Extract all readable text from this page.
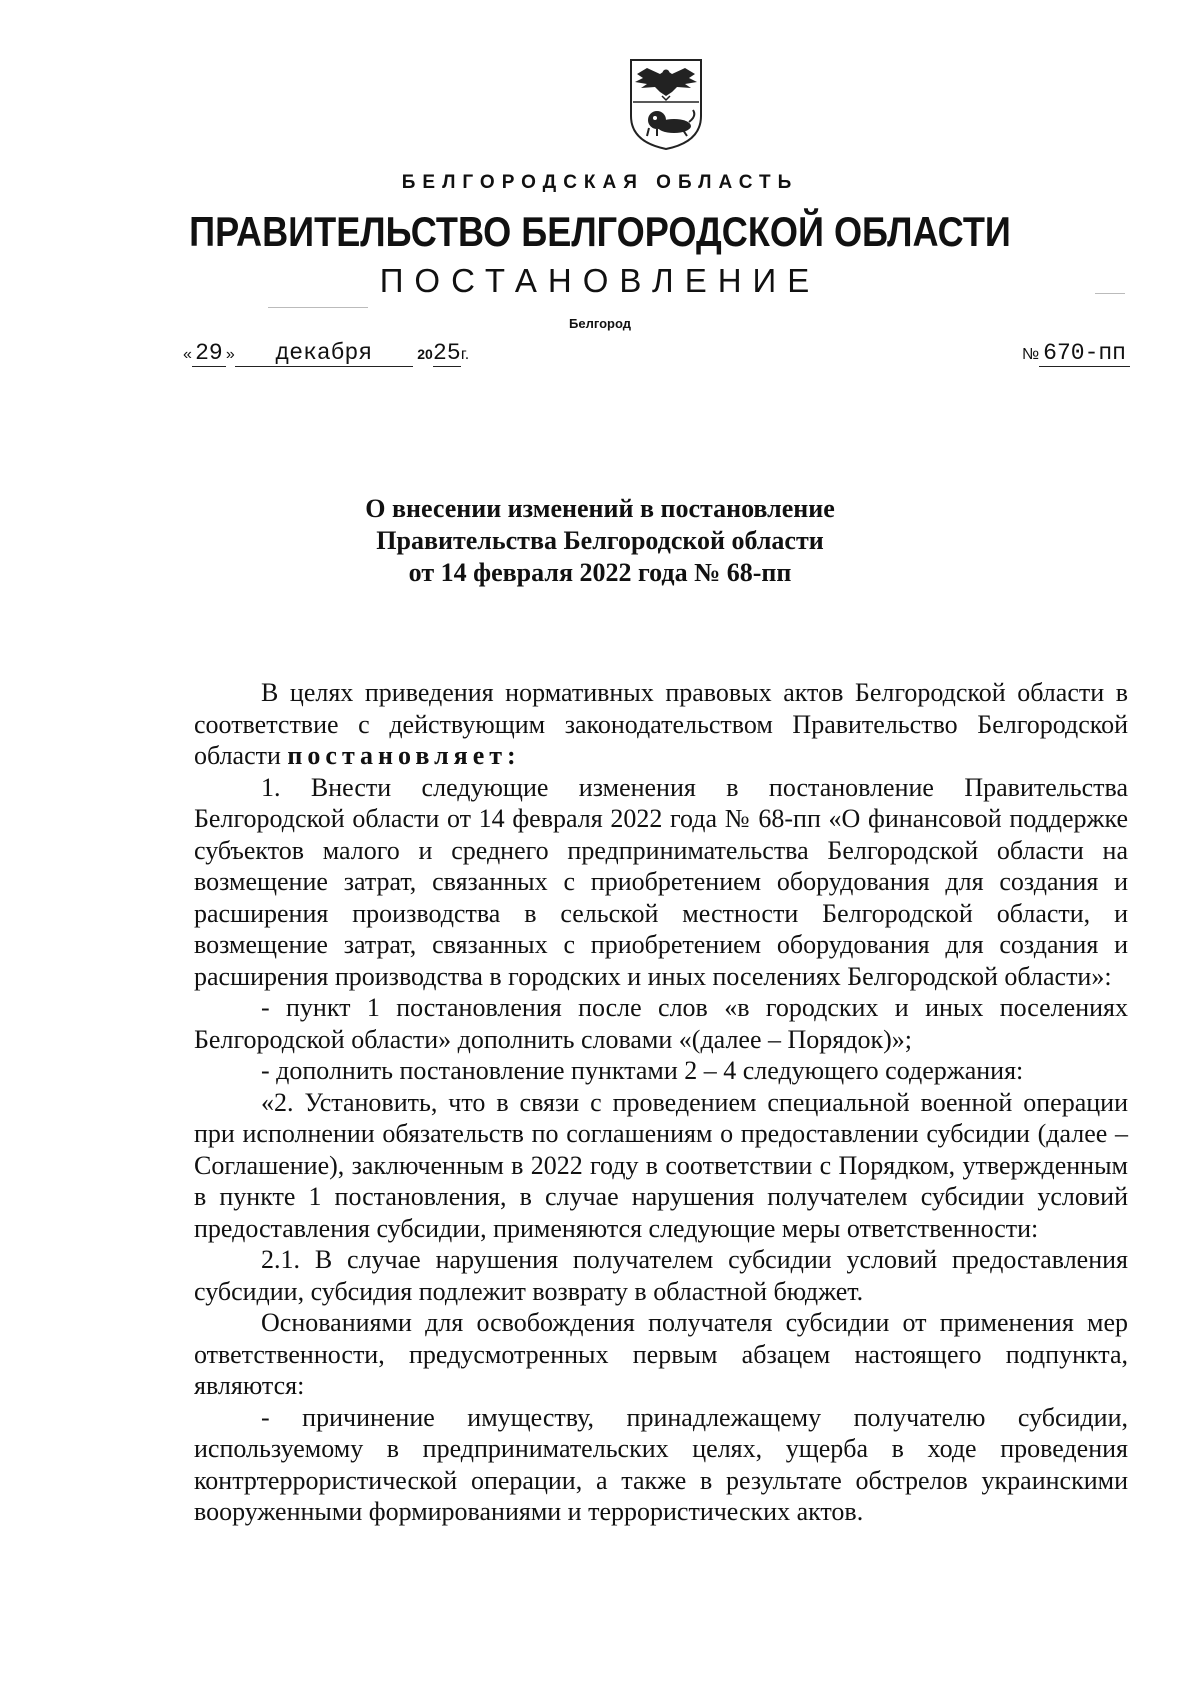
БЕЛГОРОДСКАЯ ОБЛАСТЬ
ПРАВИТЕЛЬСТВО БЕЛГОРОДСКОЙ ОБЛАСТИ
ПОСТАНОВЛЕНИЕ
Белгород
« 29 » декабря	2025г.	№ 670-пп
О внесении изменений в постановление
Правительства Белгородской области
от 14 февраля 2022 года № 68-пп

В целях приведения нормативных правовых актов Белгородской области в соответствие с действующим законодательством Правительство Белгородской области постановляет:

1. Внести следующие изменения в постановление Правительства Белгородской области от 14 февраля 2022 года № 68-пп «О финансовой поддержке субъектов малого и среднего предпринимательства Белгородской области на возмещение затрат, связанных с приобретением оборудования для создания и расширения производства в сельской местности Белгородской области, и возмещение затрат, связанных с приобретением оборудования для создания и расширения производства в городских и иных поселениях Белгородской области»:

- пункт 1 постановления после слов «в городских и иных поселениях Белгородской области» дополнить словами «(далее – Порядок)»;

- дополнить постановление пунктами 2 – 4 следующего содержания:

«2. Установить, что в связи с проведением специальной военной операции при исполнении обязательств по соглашениям о предоставлении субсидии (далее – Соглашение), заключенным в 2022 году в соответствии с Порядком, утвержденным в пункте 1 постановления, в случае нарушения получателем субсидии условий предоставления субсидии, применяются следующие меры ответственности:

2.1. В случае нарушения получателем субсидии условий предоставления субсидии, субсидия подлежит возврату в областной бюджет.

Основаниями для освобождения получателя субсидии от применения мер ответственности, предусмотренных первым абзацем настоящего подпункта, являются:

- причинение имуществу, принадлежащему получателю субсидии, используемому в предпринимательских целях, ущерба в ходе проведения контртеррористической операции, а также в результате обстрелов украинскими вооруженными формированиями и террористических актов.
